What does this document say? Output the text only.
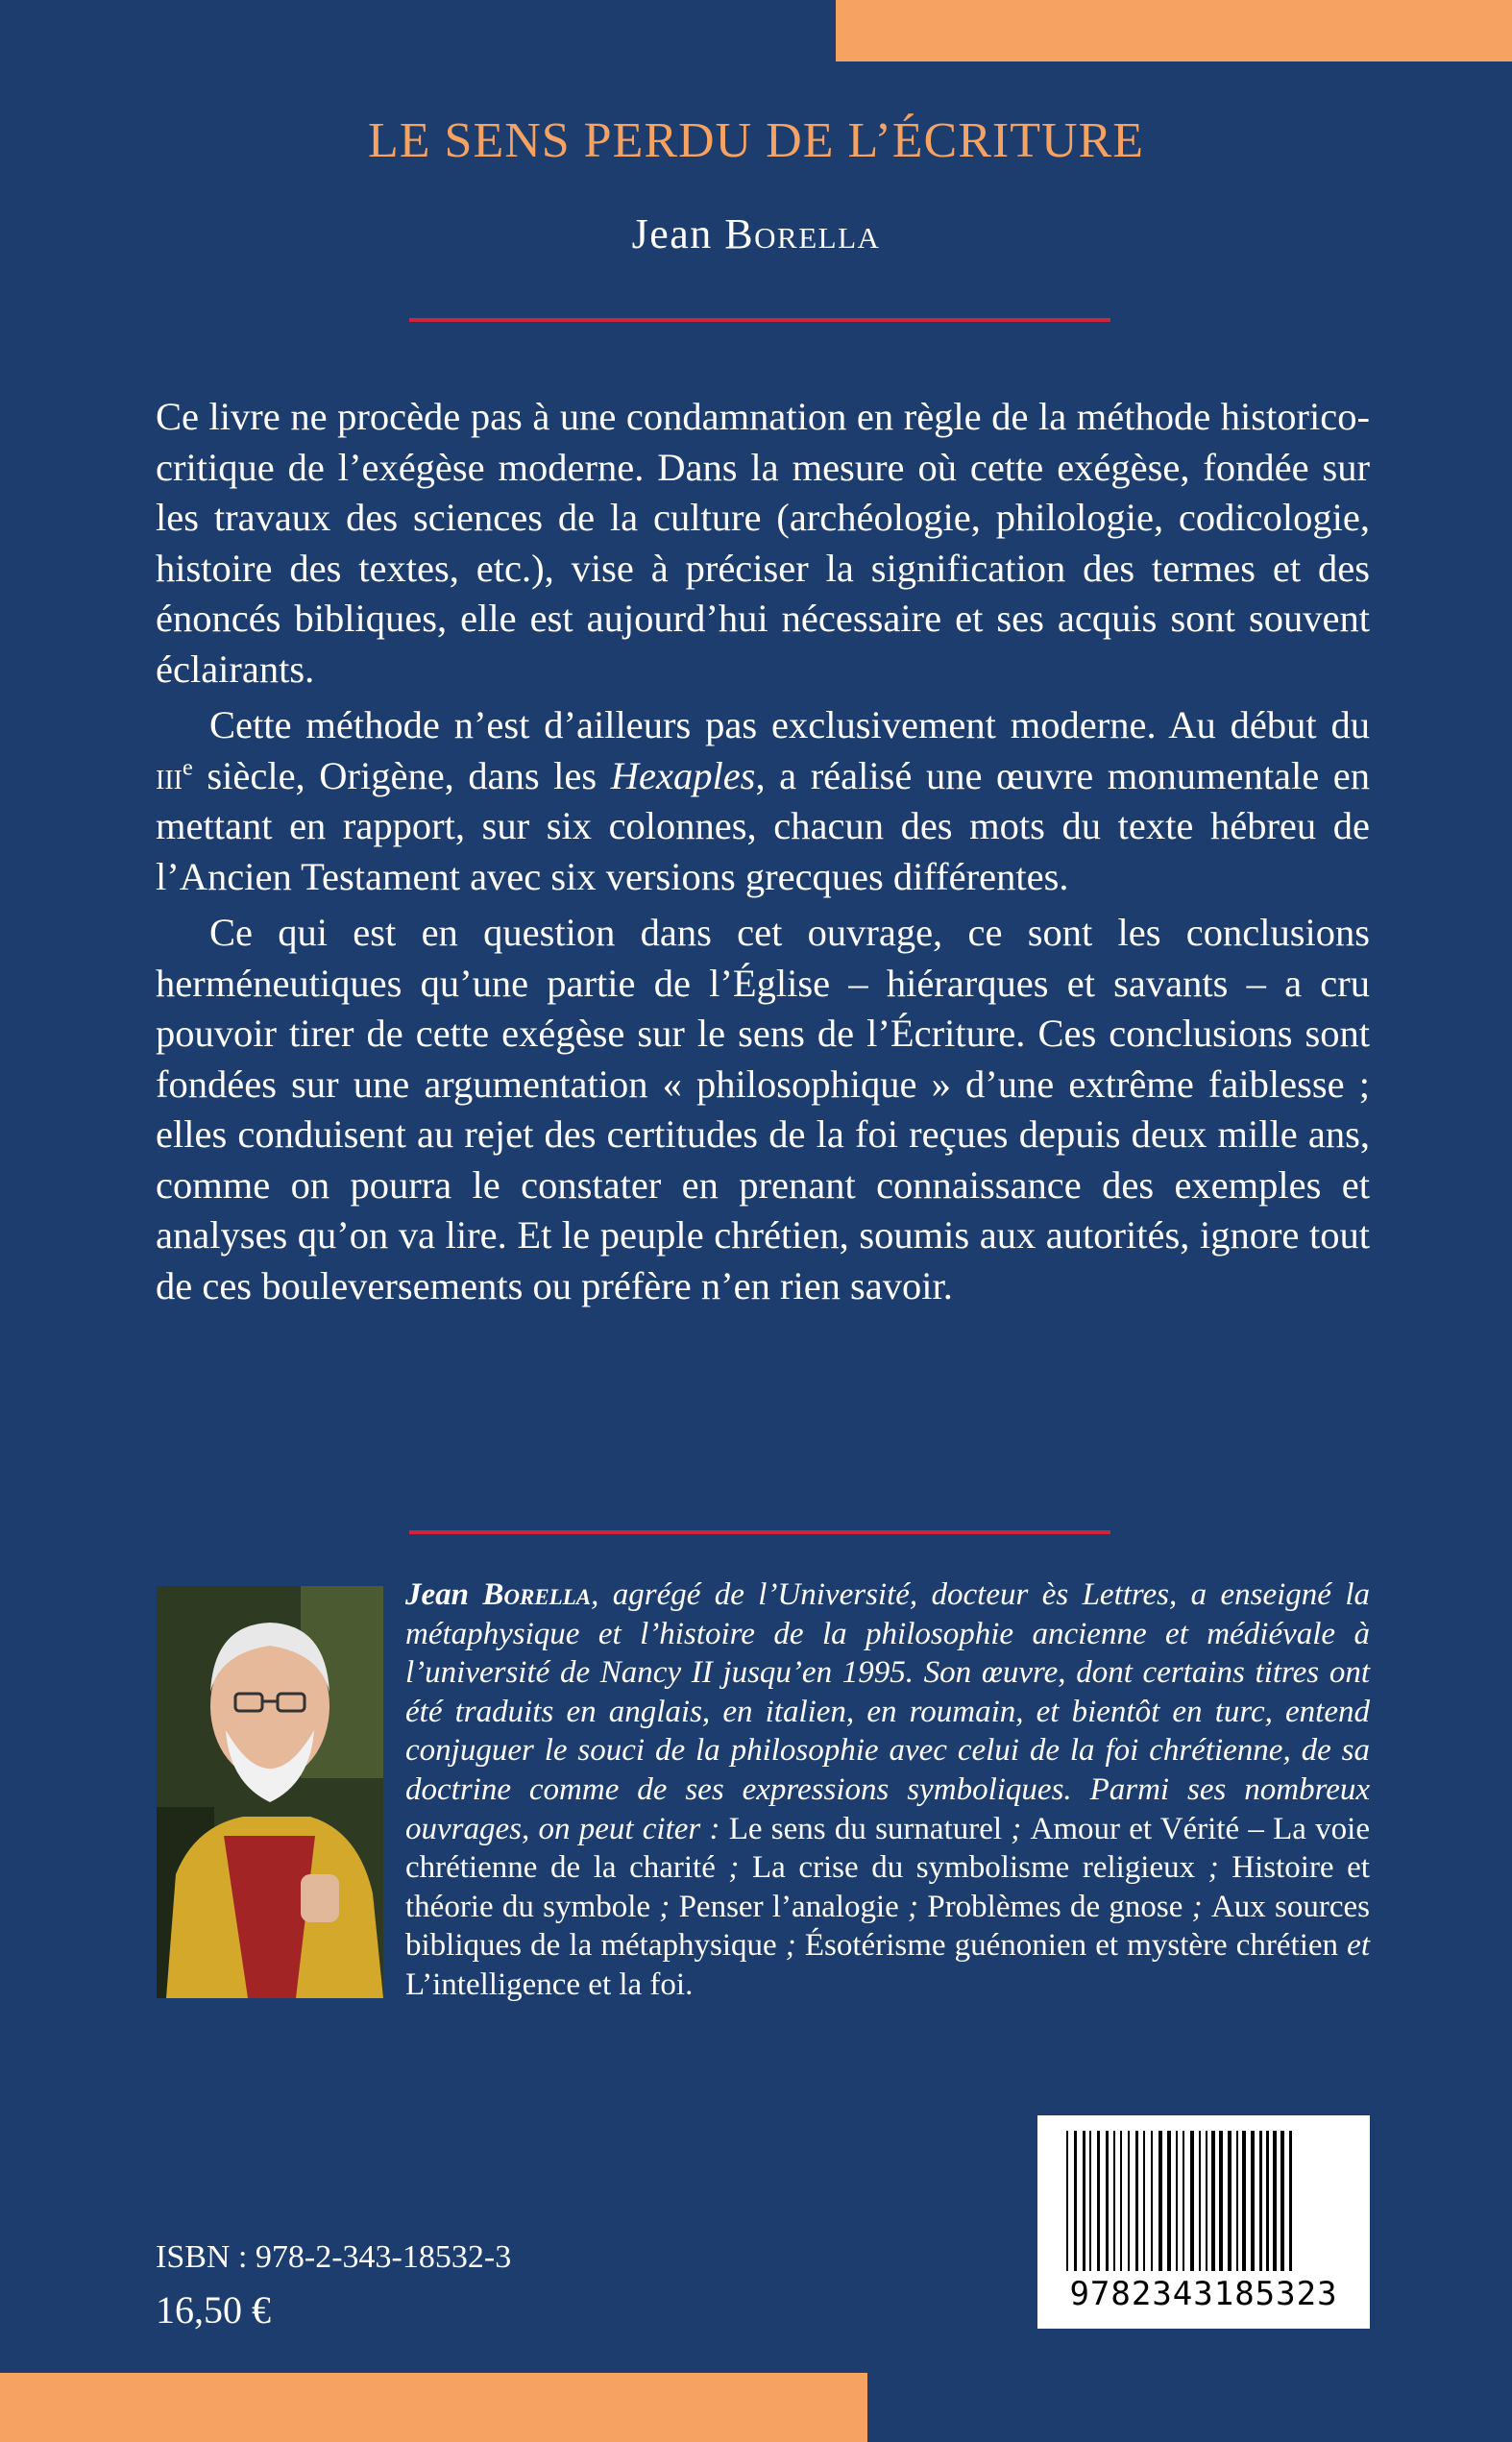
LE SENS PERDU DE L’ÉCRITURE
Jean Borella

Ce livre ne procède pas à une condamnation en règle de la méthode historico-critique de l’exégèse moderne. Dans la mesure où cette exégèse, fondée sur les travaux des sciences de la culture (archéologie, philologie, codicologie, histoire des textes, etc.), vise à préciser la signification des termes et des énoncés bibliques, elle est aujourd’hui nécessaire et ses acquis sont souvent éclairants.

Cette méthode n’est d’ailleurs pas exclusivement moderne. Au début du iii$^e$ siècle, Origène, dans les Hexaples, a réalisé une œuvre monumentale en mettant en rapport, sur six colonnes, chacun des mots du texte hébreu de l’Ancien Testament avec six versions grecques différentes.

Ce qui est en question dans cet ouvrage, ce sont les conclusions herméneutiques qu’une partie de l’Église – hiérarques et savants – a cru pouvoir tirer de cette exégèse sur le sens de l’Écriture. Ces conclusions sont fondées sur une argumentation « philosophique » d’une extrême faiblesse ; elles conduisent au rejet des certitudes de la foi reçues depuis deux mille ans, comme on pourra le constater en prenant connaissance des exemples et analyses qu’on va lire. Et le peuple chrétien, soumis aux autorités, ignore tout de ces bouleversements ou préfère n’en rien savoir.

Jean Borella, agrégé de l’Université, docteur ès Lettres, a enseigné la métaphysique et l’histoire de la philosophie ancienne et médiévale à l’université de Nancy II jusqu’en 1995. Son œuvre, dont certains titres ont été traduits en anglais, en italien, en roumain, et bientôt en turc, entend conjuguer le souci de la philosophie avec celui de la foi chrétienne, de sa doctrine comme de ses expressions symboliques. Parmi ses nombreux ouvrages, on peut citer : Le sens du surnaturel ; Amour et Vérité – La voie chrétienne de la charité ; La crise du symbolisme religieux ; Histoire et théorie du symbole ; Penser l’analogie ; Problèmes de gnose ; Aux sources bibliques de la métaphysique ; Ésotérisme guénonien et mystère chrétien et L’intelligence et la foi.
ISBN : 978-2-343-18532-3
16,50 €	9782343185323
